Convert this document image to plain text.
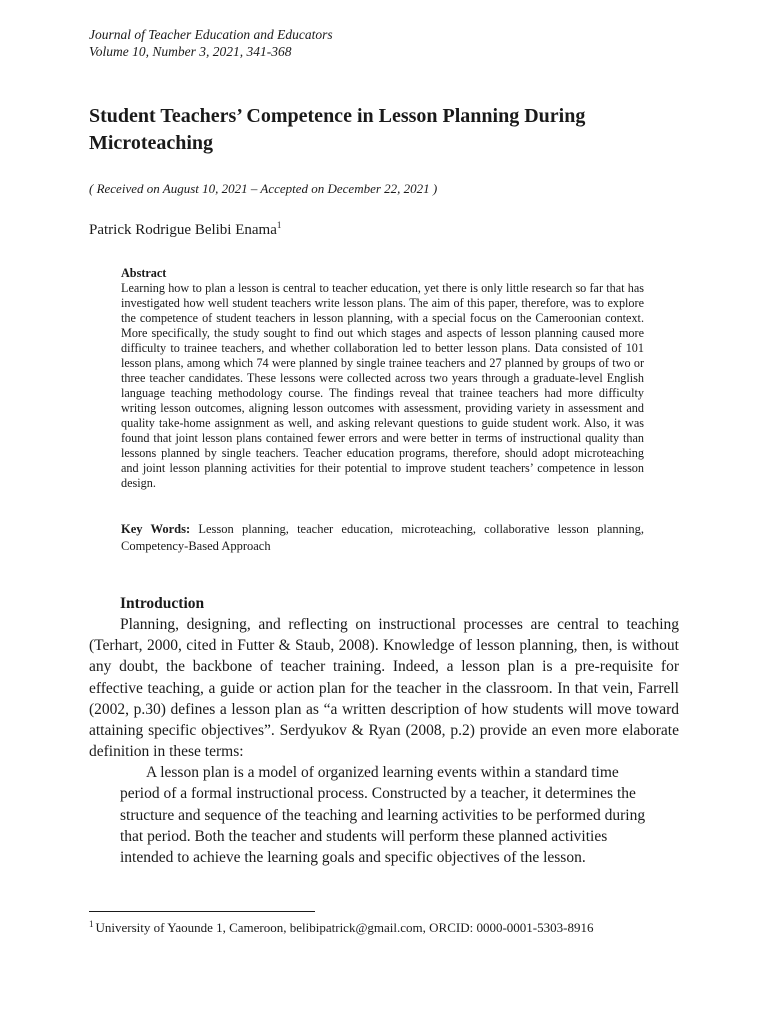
Journal of Teacher Education and Educators
Volume 10, Number 3, 2021, 341-368
Student Teachers’ Competence in Lesson Planning During Microteaching
( Received on August 10, 2021 – Accepted on December 22, 2021 )
Patrick Rodrigue Belibi Enama$^1$
Abstract
Learning how to plan a lesson is central to teacher education, yet there is only little research so far that has investigated how well student teachers write lesson plans. The aim of this paper, therefore, was to explore the competence of student teachers in lesson planning, with a special focus on the Cameroonian context. More specifically, the study sought to find out which stages and aspects of lesson planning caused more difficulty to trainee teachers, and whether collaboration led to better lesson plans. Data consisted of 101 lesson plans, among which 74 were planned by single trainee teachers and 27 planned by groups of two or three teacher candidates. These lessons were collected across two years through a graduate-level English language teaching methodology course. The findings reveal that trainee teachers had more difficulty writing lesson outcomes, aligning lesson outcomes with assessment, providing variety in assessment and quality take-home assignment as well, and asking relevant questions to guide student work. Also, it was found that joint lesson plans contained fewer errors and were better in terms of instructional quality than lessons planned by single teachers. Teacher education programs, therefore, should adopt microteaching and joint lesson planning activities for their potential to improve student teachers’ competence in lesson design.
Key Words: Lesson planning, teacher education, microteaching, collaborative lesson planning, Competency-Based Approach
Introduction
Planning, designing, and reflecting on instructional processes are central to teaching (Terhart, 2000, cited in Futter & Staub, 2008). Knowledge of lesson planning, then, is without any doubt, the backbone of teacher training. Indeed, a lesson plan is a pre-requisite for effective teaching, a guide or action plan for the teacher in the classroom. In that vein, Farrell (2002, p.30) defines a lesson plan as “a written description of how students will move toward attaining specific objectives”. Serdyukov & Ryan (2008, p.2) provide an even more elaborate definition in these terms:
A lesson plan is a model of organized learning events within a standard time period of a formal instructional process. Constructed by a teacher, it determines the structure and sequence of the teaching and learning activities to be performed during that period. Both the teacher and students will perform these planned activities intended to achieve the learning goals and specific objectives of the lesson.
$^1$ University of Yaounde 1, Cameroon, belibipatrick@gmail.com, ORCID: 0000-0001-5303-8916
